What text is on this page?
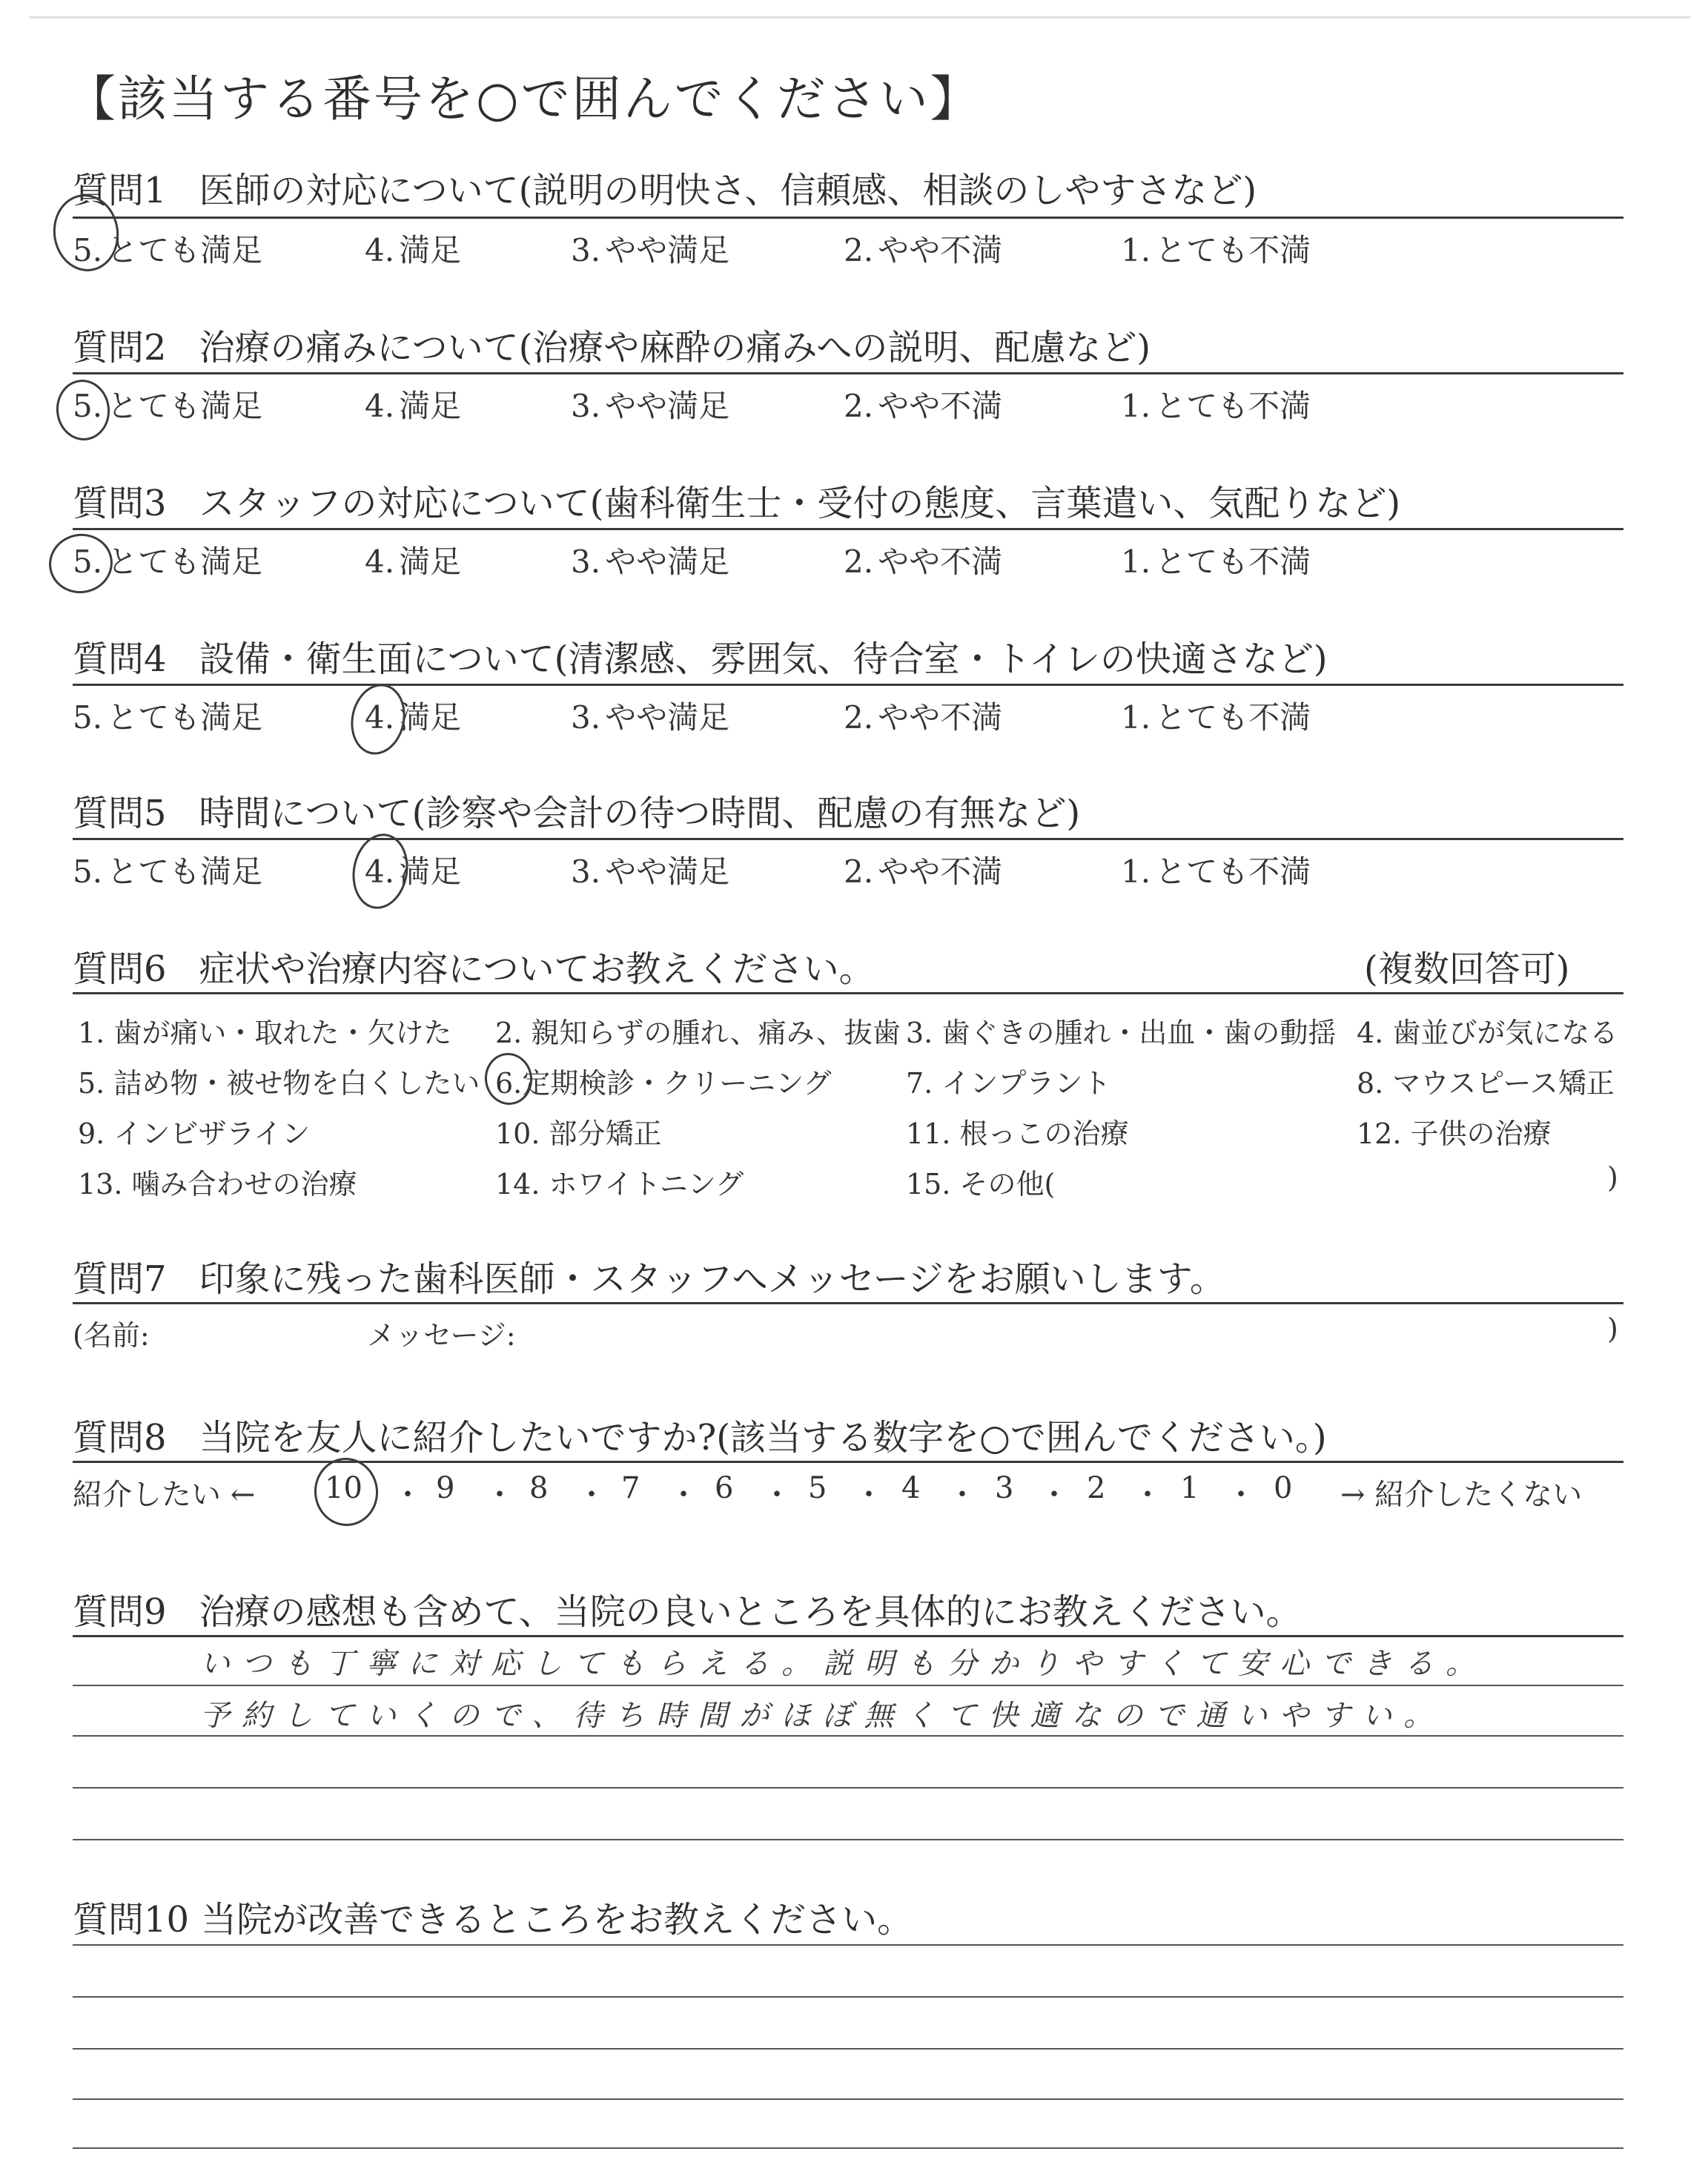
【該当する番号を○で囲んでください】
質問1 医師の対応について(説明の明快さ、信頼感、相談のしやすさなど)
5. とても満足	4. 満足	3. やや満足	2. やや不満	1. とても不満
質問2 治療の痛みについて(治療や麻酔の痛みへの説明、配慮など)
5. とても満足	4. 満足	3. やや満足	2. やや不満	1. とても不満
質問3 スタッフの対応について(歯科衛生士・受付の態度、言葉遣い、気配りなど)
5. とても満足	4. 満足	3. やや満足	2. やや不満	1. とても不満
質問4 設備・衛生面について(清潔感、雰囲気、待合室・トイレの快適さなど)
5. とても満足	4. 満足	3. やや満足	2. やや不満	1. とても不満
質問5 時間について(診察や会計の待つ時間、配慮の有無など)
5. とても満足	4. 満足	3. やや満足	2. やや不満	1. とても不満
質問6 症状や治療内容についてお教えください。	(複数回答可)
1. 歯が痛い・取れた・欠けた 2. 親知らずの腫れ、痛み、抜歯 3. 歯ぐきの腫れ・出血・歯の動揺 4. 歯並びが気になる
5. 詰め物・被せ物を白くしたい 6.定期検診・クリーニング	7. インプラント	8. マウスピース矯正
9. インビザライン	10. 部分矯正	11. 根っこの治療	12. 子供の治療
13. 噛み合わせの治療	14. ホワイトニング	15. その他(	)
質問7 印象に残った歯科医師・スタッフへメッセージをお願いします。
(名前:	メッセージ:	)
質問8 当院を友人に紹介したいですか?(該当する数字を○で囲んでください。)
紹介したい ←	→ 紹介したくない
10 ・ 9 ・ 8 ・ 7 ・ 6 ・ 5 ・ 4 ・ 3 ・ 2 ・ 1 ・ 0
質問9 治療の感想も含めて、当院の良いところを具体的にお教えください。
いつも丁寧に対応してもらえる。説明も分かりやすくて安心できる。
予約していくので、待ち時間がほぼ無くて快適なので通いやすい。
質問10 当院が改善できるところをお教えください。
